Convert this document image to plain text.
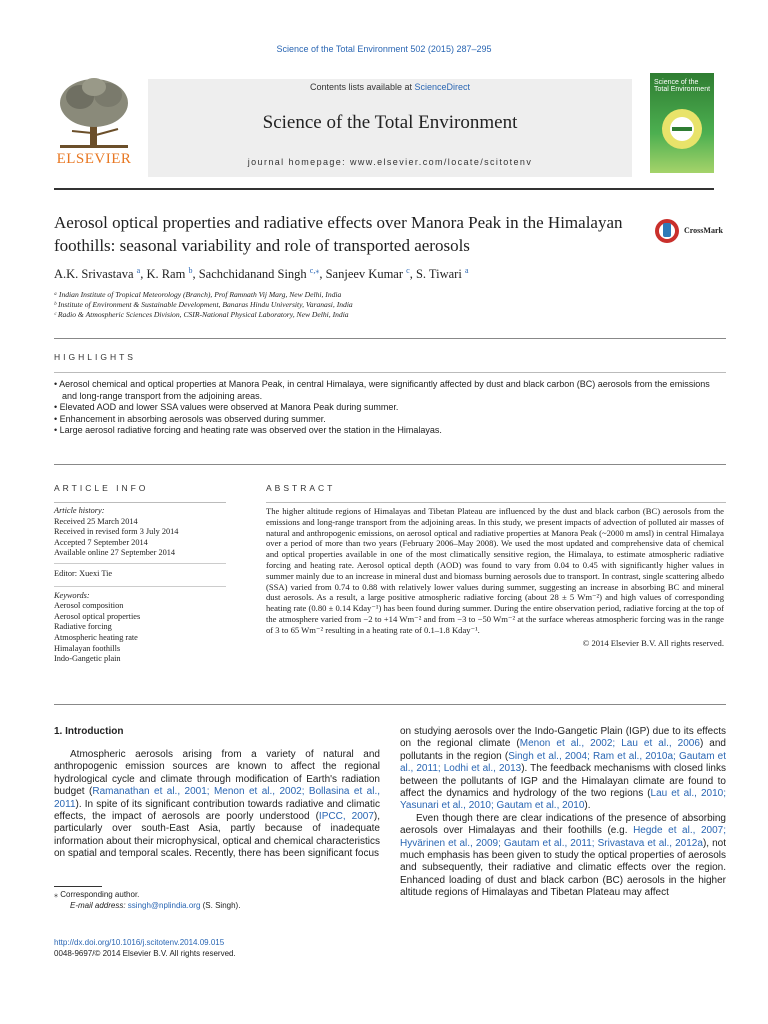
Science of the Total Environment 502 (2015) 287–295
ELSEVIER
Contents lists available at ScienceDirect
Science of the Total Environment
journal homepage: www.elsevier.com/locate/scitotenv
Science of the Total Environment
Aerosol optical properties and radiative effects over Manora Peak in the Himalayan foothills: seasonal variability and role of transported aerosols
CrossMark
A.K. Srivastava $^a$, K. Ram $^b$, Sachchidanand Singh $^{c,⁎}$, Sanjeev Kumar $^c$, S. Tiwari $^a$
ᵃ Indian Institute of Tropical Meteorology (Branch), Prof Ramnath Vij Marg, New Delhi, India
ᵇ Institute of Environment & Sustainable Development, Banaras Hindu University, Varanasi, India
ᶜ Radio & Atmospheric Sciences Division, CSIR-National Physical Laboratory, New Delhi, India
HIGHLIGHTS
• Aerosol chemical and optical properties at Manora Peak, in central Himalaya, were significantly affected by dust and black carbon (BC) aerosols from the emissions and long-range transport from the adjoining areas.
• Elevated AOD and lower SSA values were observed at Manora Peak during summer.
• Enhancement in absorbing aerosols was observed during summer.
• Large aerosol radiative forcing and heating rate was observed over the station in the Himalayas.
ARTICLE INFO	ABSTRACT
Article history:
Received 25 March 2014
Received in revised form 3 July 2014
Accepted 7 September 2014
Available online 27 September 2014
Editor: Xuexi Tie
Keywords:
Aerosol composition
Aerosol optical properties
Radiative forcing
Atmospheric heating rate
Himalayan foothills
Indo-Gangetic plain
The higher altitude regions of Himalayas and Tibetan Plateau are influenced by the dust and black carbon (BC) aerosols from the emissions and long-range transport from the adjoining areas. In this study, we present impacts of advection of polluted air masses of natural and anthropogenic emissions, on aerosol optical and radiative properties at Manora Peak (~2000 m amsl) in central Himalaya over a period of more than two years (February 2006–May 2008). We used the most updated and comprehensive data of chemical and optical properties available in one of the most climatically sensitive region, the Himalaya, to estimate atmospheric radiative forcing and heating rate. Aerosol optical depth (AOD) was found to vary from 0.04 to 0.45 with significantly higher values in summer mainly due to an increase in mineral dust and biomass burning aerosols due to transport. In contrast, single scattering albedo (SSA) varied from 0.74 to 0.88 with relatively lower values during summer, suggesting an increase in absorbing BC and mineral dust aerosols. As a result, a large positive atmospheric radiative forcing (about 28 ± 5 Wm⁻²) and high values of corresponding heating rate (0.80 ± 0.14 Kday⁻¹) has been found during summer. During the entire observation period, radiative forcing at the top of the atmosphere varied from −2 to +14 Wm⁻² and from −3 to −50 Wm⁻² at the surface whereas atmospheric forcing was in the range of 3 to 65 Wm⁻² resulting in a heating rate of 0.1–1.8 Kday⁻¹.
© 2014 Elsevier B.V. All rights reserved.
1. Introduction

Atmospheric aerosols arising from a variety of natural and anthropogenic emission sources are known to affect the regional hydrological cycle and climate through modification of Earth's radiation budget (Ramanathan et al., 2001; Menon et al., 2002; Bollasina et al., 2011). In spite of its significant contribution towards radiative and climatic effects, the impact of aerosols are poorly understood (IPCC, 2007), particularly over south-East Asia, partly because of inadequate information about their microphysical, optical and chemical characteristics on spatial and temporal scales. Recently, there has been significant focus

on studying aerosols over the Indo-Gangetic Plain (IGP) due to its effects on the regional climate (Menon et al., 2002; Lau et al., 2006) and pollutants in the region (Singh et al., 2004; Ram et al., 2010a; Gautam et al., 2011; Lodhi et al., 2013). The feedback mechanisms with closed links between the pollutants of IGP and the Himalayan climate are found to affect the dynamics and hydrology of the two regions (Lau et al., 2010; Yasunari et al., 2010; Gautam et al., 2010).

Even though there are clear indications of the presence of absorbing aerosols over Himalayas and their foothills (e.g. Hegde et al., 2007; Hyvärinen et al., 2009; Gautam et al., 2011; Srivastava et al., 2012a), not much emphasis has been given to study the optical properties of aerosols and subsequently, their radiative and climatic effects over the region. Enhanced loading of dust and black carbon (BC) aerosols in the higher altitude regions of Himalayas and Tibetan Plateau may affect

⁎ Corresponding author.
E-mail address: ssingh@nplindia.org (S. Singh).
http://dx.doi.org/10.1016/j.scitotenv.2014.09.015
0048-9697/© 2014 Elsevier B.V. All rights reserved.
